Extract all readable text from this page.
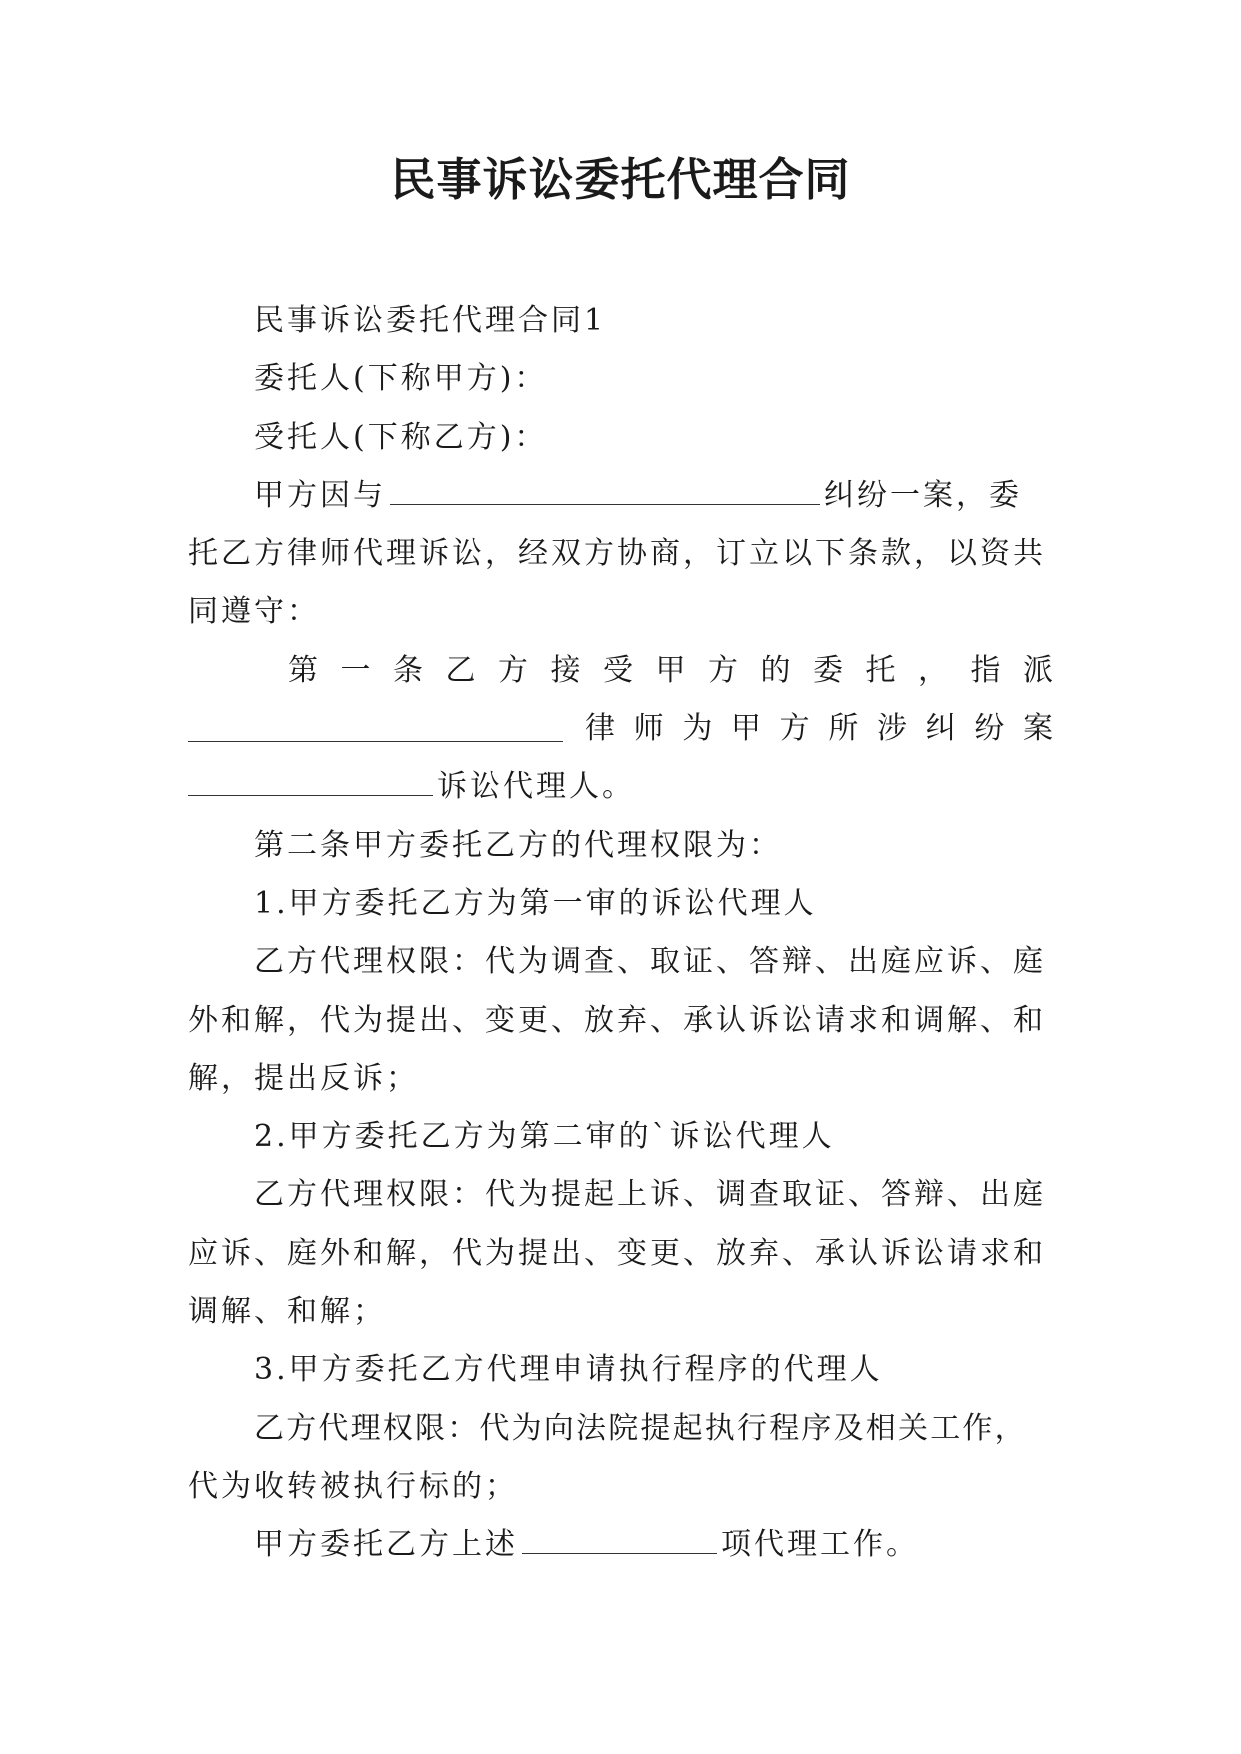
民事诉讼委托代理合同
民事诉讼委托代理合同1
委托人(下称甲方)：
受托人(下称乙方)：
甲方因与	纠纷一案，委
托乙方律师代理诉讼，经双方协商，订立以下条款，以资共
同遵守：
第一条乙方接受甲方的委托，指派
律师为甲方所涉纠纷案
诉讼代理人。
第二条甲方委托乙方的代理权限为：
1.甲方委托乙方为第一审的诉讼代理人
乙方代理权限：代为调查、取证、答辩、出庭应诉、庭
外和解，代为提出、变更、放弃、承认诉讼请求和调解、和
解，提出反诉；
2.甲方委托乙方为第二审的`诉讼代理人
乙方代理权限：代为提起上诉、调查取证、答辩、出庭
应诉、庭外和解，代为提出、变更、放弃、承认诉讼请求和
调解、和解；
3.甲方委托乙方代理申请执行程序的代理人
乙方代理权限：代为向法院提起执行程序及相关工作，
代为收转被执行标的；
甲方委托乙方上述	项代理工作。
